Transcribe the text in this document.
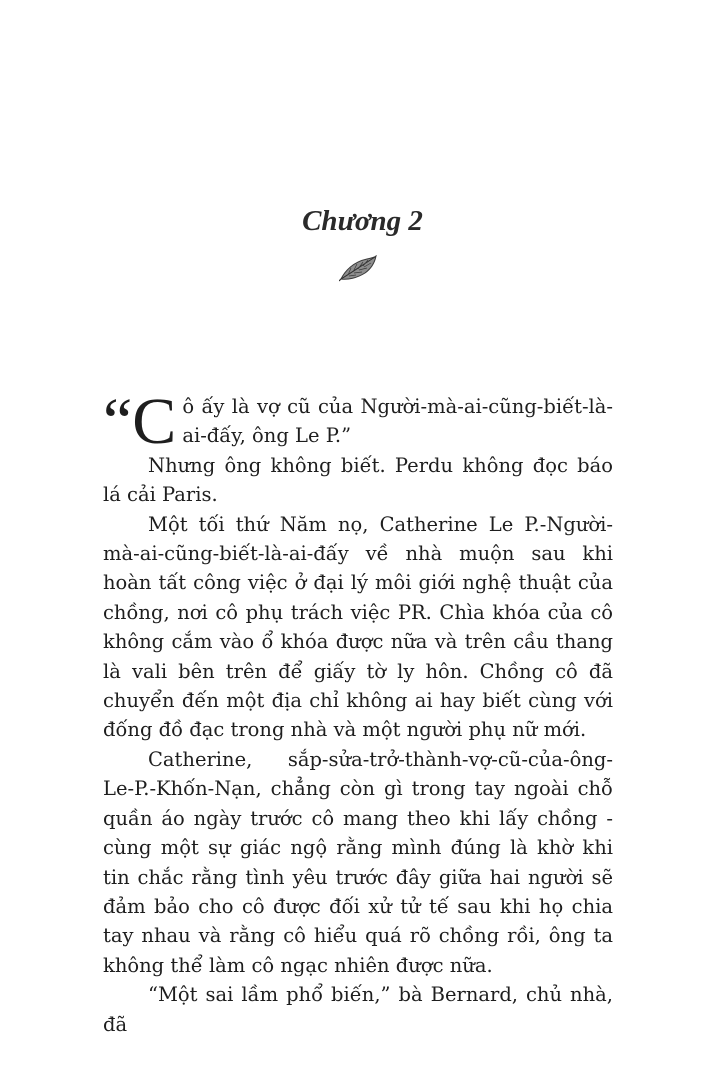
Chương 2

“Cô ấy là vợ cũ của Người-mà-ai-cũng-biết-là-ai-đấy, ông Le P.”

Nhưng ông không biết. Perdu không đọc báo lá cải Paris.

Một tối thứ Năm nọ, Catherine Le P.-Người-mà-ai-cũng-biết-là-ai-đấy về nhà muộn sau khi hoàn tất công việc ở đại lý môi giới nghệ thuật của chồng, nơi cô phụ trách việc PR. Chìa khóa của cô không cắm vào ổ khóa được nữa và trên cầu thang là vali bên trên để giấy tờ ly hôn. Chồng cô đã chuyển đến một địa chỉ không ai hay biết cùng với đống đồ đạc trong nhà và một người phụ nữ mới.

Catherine, sắp-sửa-trở-thành-vợ-cũ-của-ông-Le-P.-Khốn-Nạn, chẳng còn gì trong tay ngoài chỗ quần áo ngày trước cô mang theo khi lấy chồng - cùng một sự giác ngộ rằng mình đúng là khờ khi tin chắc rằng tình yêu trước đây giữa hai người sẽ đảm bảo cho cô được đối xử tử tế sau khi họ chia tay nhau và rằng cô hiểu quá rõ chồng rồi, ông ta không thể làm cô ngạc nhiên được nữa.

“Một sai lầm phổ biến,” bà Bernard, chủ nhà, đã
